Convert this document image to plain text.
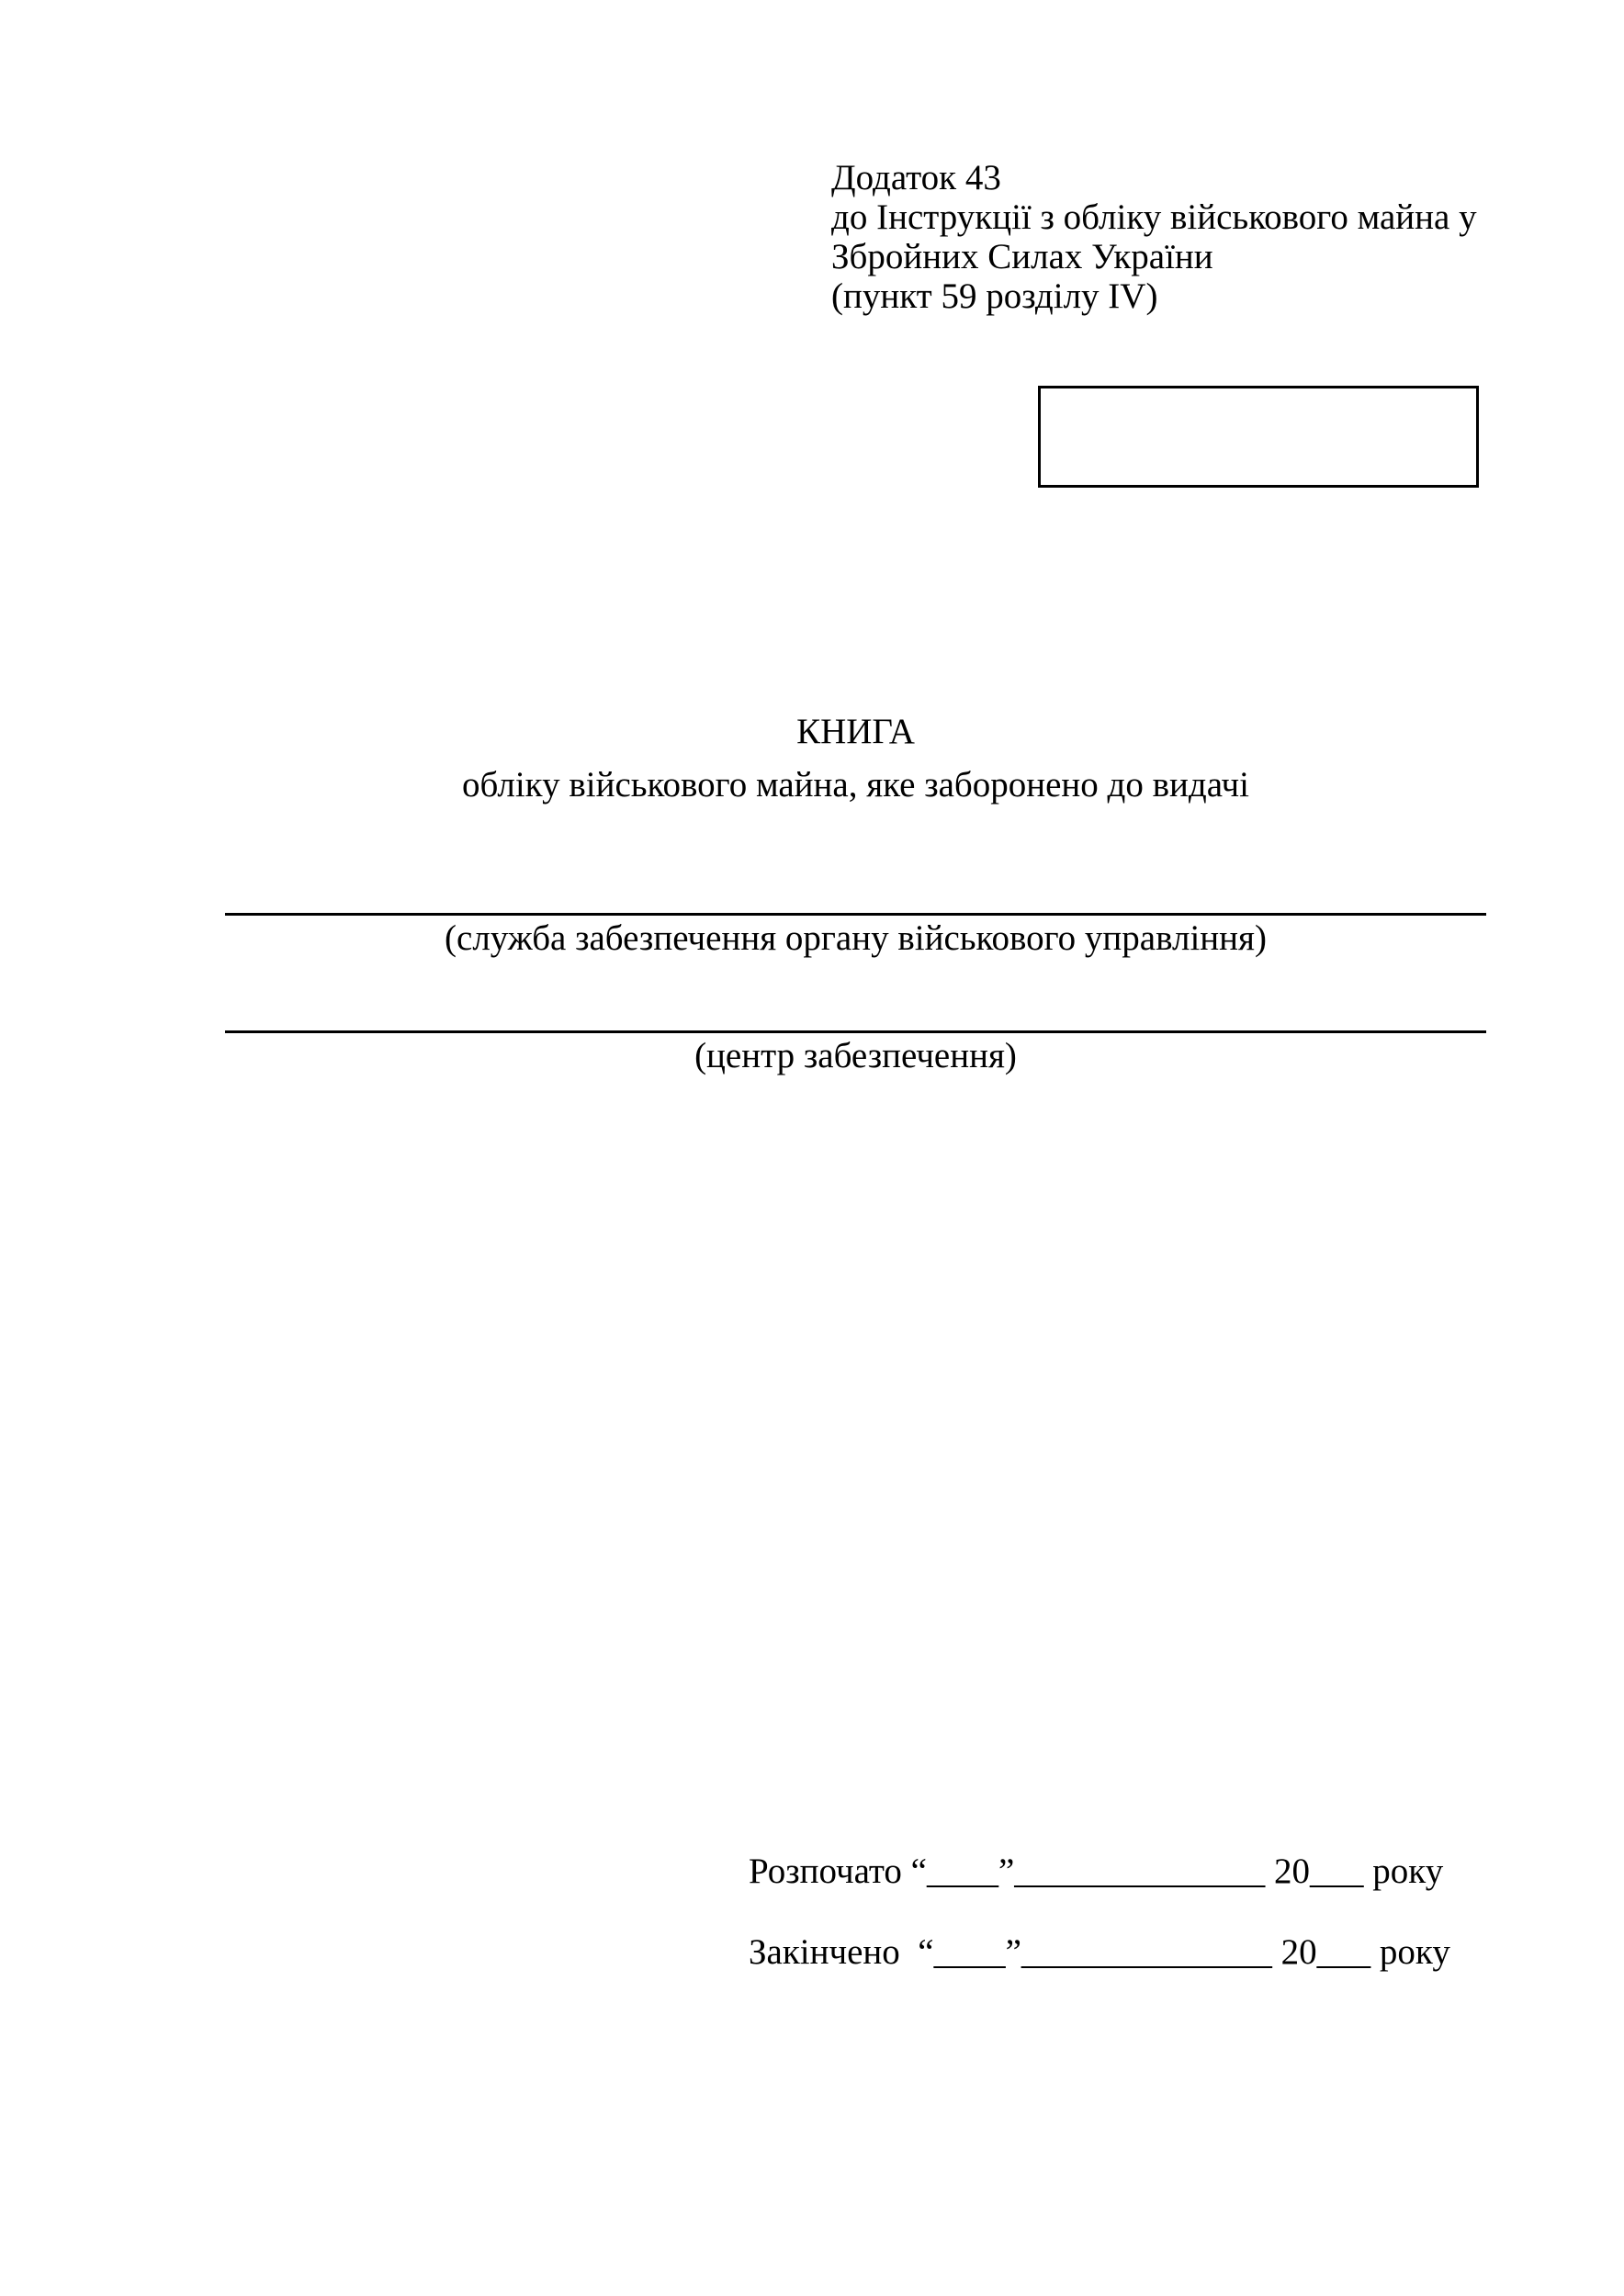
Додаток 43
до Інструкції з обліку військового майна у
Збройних Силах України
(пункт 59 розділу IV)
КНИГА
обліку військового майна, яке заборонено до видачі
(служба забезпечення органу військового управління)
(центр забезпечення)
Розпочато “____”______________ 20___ року
Закінчено  “____”______________ 20___ року
